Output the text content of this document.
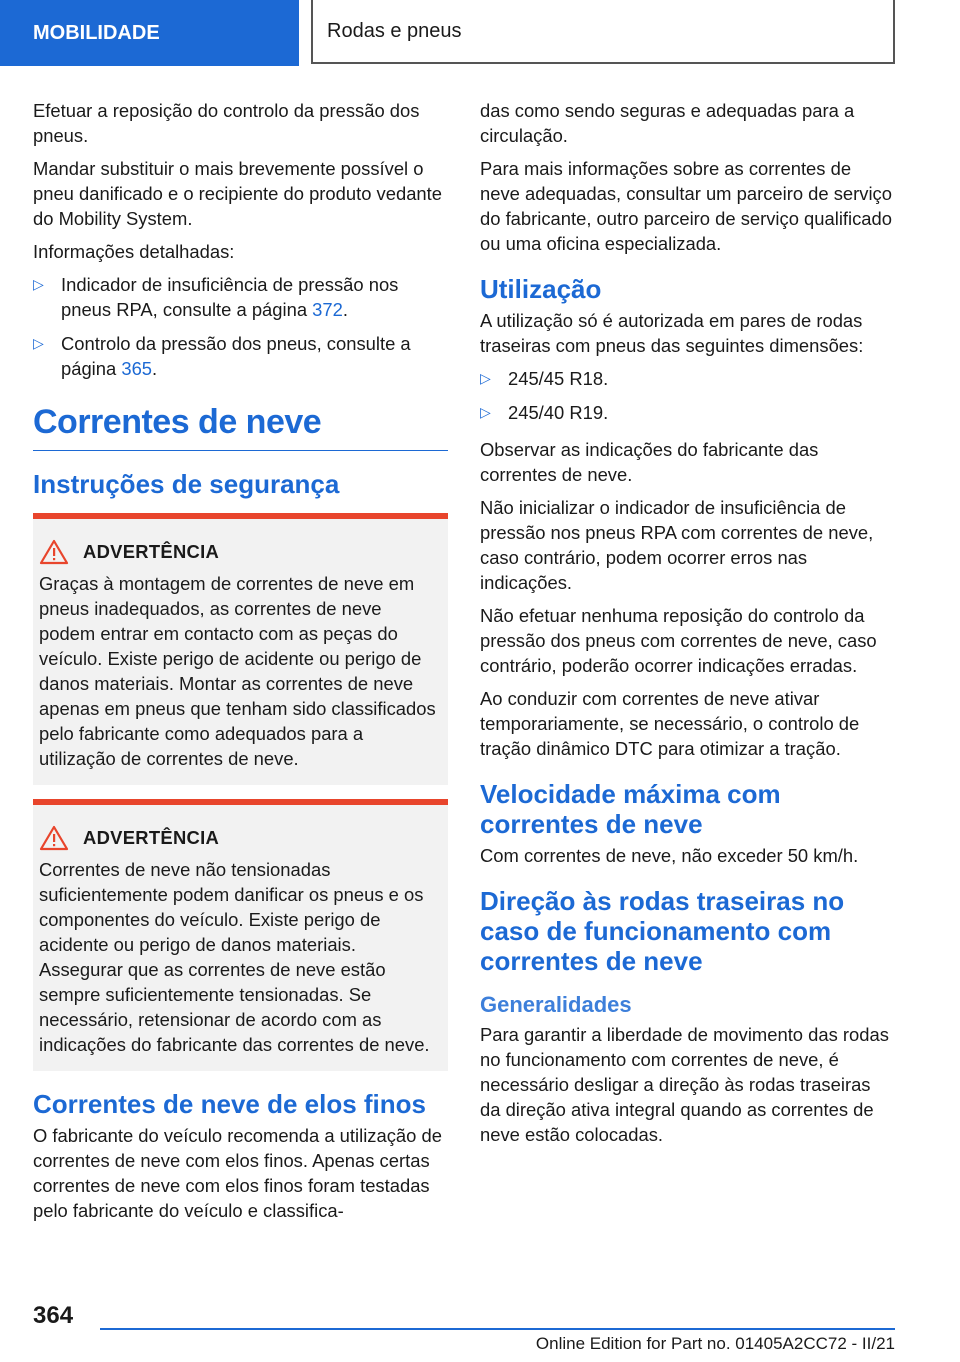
MOBILIDADE	Rodas e pneus

Efetuar a reposição do controlo da pressão dos pneus.

Mandar substituir o mais brevemente possível o pneu danificado e o recipiente do produto vedante do Mobility System.

Informações detalhadas:

▷ Indicador de insuficiência de pressão nos pneus RPA, consulte a página 372.
▷ Controlo da pressão dos pneus, consulte a página 365.
Correntes de neve
Instruções de segurança
ADVERTÊNCIA

Graças à montagem de correntes de neve em pneus inadequados, as correntes de neve podem entrar em contacto com as peças do veículo. Existe perigo de acidente ou perigo de danos materiais. Montar as correntes de neve apenas em pneus que tenham sido classificados pelo fabricante como adequados para a utilização de correntes de neve.

ADVERTÊNCIA

Correntes de neve não tensionadas suficientemente podem danificar os pneus e os componentes do veículo. Existe perigo de acidente ou perigo de danos materiais. Assegurar que as correntes de neve estão sempre suficientemente tensionadas. Se necessário, retensionar de acordo com as indicações do fabricante das correntes de neve.

Correntes de neve de elos finos

O fabricante do veículo recomenda a utilização de correntes de neve com elos finos. Apenas certas correntes de neve com elos finos foram testadas pelo fabricante do veículo e classifica-

das como sendo seguras e adequadas para a circulação.

Para mais informações sobre as correntes de neve adequadas, consultar um parceiro de serviço do fabricante, outro parceiro de serviço qualificado ou uma oficina especializada.

Utilização

A utilização só é autorizada em pares de rodas traseiras com pneus das seguintes dimensões:

▷ 245/45 R18.
▷ 245/40 R19.

Observar as indicações do fabricante das correntes de neve.

Não inicializar o indicador de insuficiência de pressão nos pneus RPA com correntes de neve, caso contrário, podem ocorrer erros nas indicações.

Não efetuar nenhuma reposição do controlo da pressão dos pneus com correntes de neve, caso contrário, poderão ocorrer indicações erradas.

Ao conduzir com correntes de neve ativar temporariamente, se necessário, o controlo de tração dinâmico DTC para otimizar a tração.

Velocidade máxima com correntes de neve

Com correntes de neve, não exceder 50 km/h.

Direção às rodas traseiras no caso de funcionamento com correntes de neve
Generalidades

Para garantir a liberdade de movimento das rodas no funcionamento com correntes de neve, é necessário desligar a direção às rodas traseiras da direção ativa integral quando as correntes de neve estão colocadas.

364
Online Edition for Part no. 01405A2CC72 - II/21
